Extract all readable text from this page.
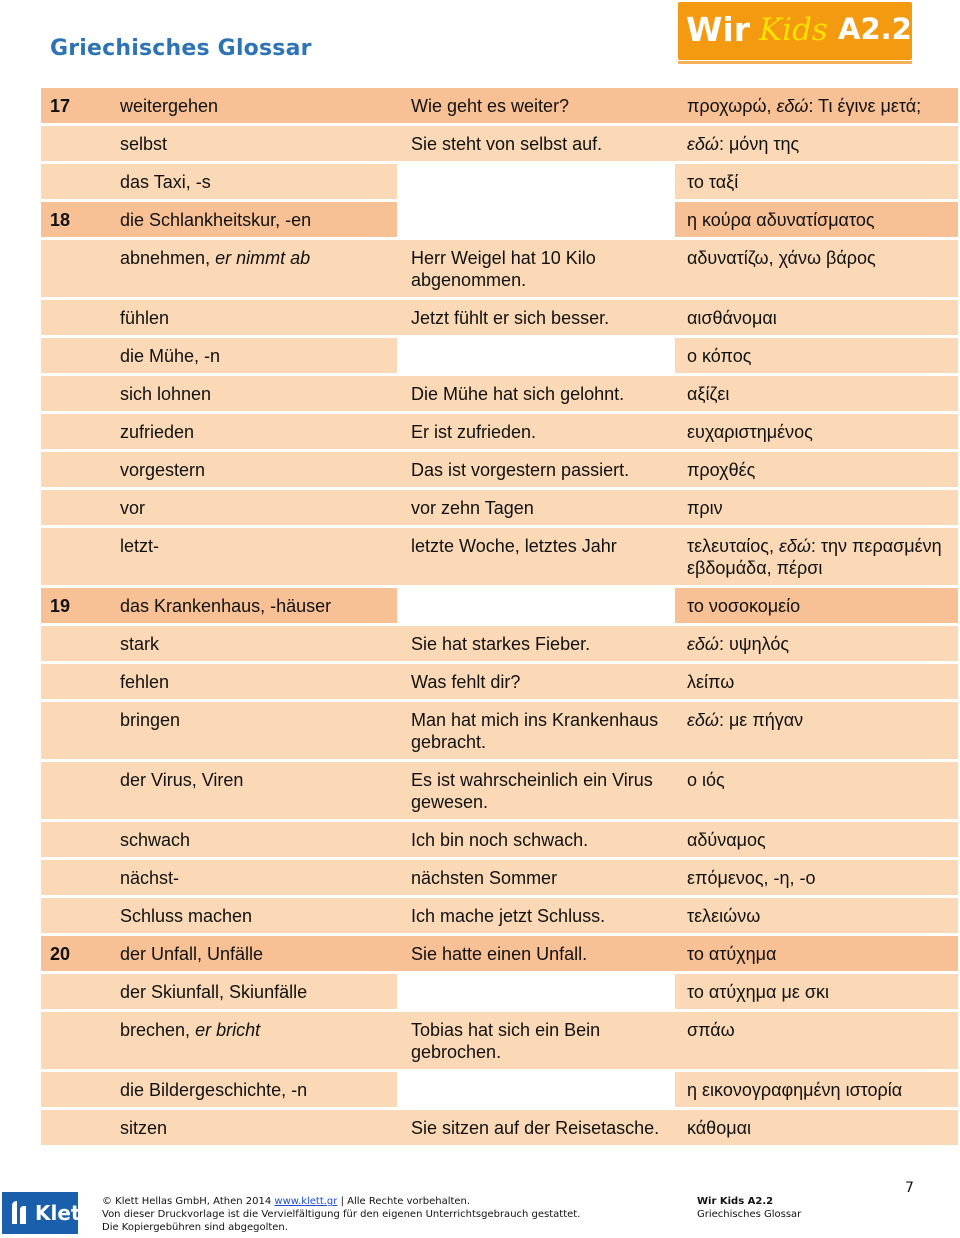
Griechisches Glossar	Wir Kids A2.2
17	weitergehen	Wie geht es weiter?	προχωρώ, εδώ: Τι έγινε μετά;
	selbst	Sie steht von selbst auf.	εδώ: μόνη της
	das Taxi, -s		το ταξί
18	die Schlankheitskur, -en		η κούρα αδυνατίσματος
	abnehmen, er nimmt ab	Herr Weigel hat 10 Kilo abgenommen.	αδυνατίζω, χάνω βάρος
	fühlen	Jetzt fühlt er sich besser.	αισθάνομαι
	die Mühe, -n		ο κόπος
	sich lohnen	Die Mühe hat sich gelohnt.	αξίζει
	zufrieden	Er ist zufrieden.	ευχαριστημένος
	vorgestern	Das ist vorgestern passiert.	προχθές
	vor	vor zehn Tagen	πριν
	letzt-	letzte Woche, letztes Jahr	τελευταίος, εδώ: την περασμένη εβδομάδα, πέρσι
19	das Krankenhaus, -häuser		το νοσοκομείο
	stark	Sie hat starkes Fieber.	εδώ: υψηλός
	fehlen	Was fehlt dir?	λείπω
	bringen	Man hat mich ins Krankenhaus gebracht.	εδώ: με πήγαν
	der Virus, Viren	Es ist wahrscheinlich ein Virus gewesen.	ο ιός
	schwach	Ich bin noch schwach.	αδύναμος
	nächst-	nächsten Sommer	επόμενος, -η, -ο
	Schluss machen	Ich mache jetzt Schluss.	τελειώνω
20	der Unfall, Unfälle	Sie hatte einen Unfall.	το ατύχημα
	der Skiunfall, Skiunfälle		το ατύχημα με σκι
	brechen, er bricht	Tobias hat sich ein Bein gebrochen.	σπάω
	die Bildergeschichte, -n		η εικονογραφημένη ιστορία
	sitzen	Sie sitzen auf der Reisetasche.	κάθομαι
Klett © Klett Hellas GmbH, Athen 2014 www.klett.gr | Alle Rechte vorbehalten.
Von dieser Druckvorlage ist die Vervielfältigung für den eigenen Unterrichtsgebrauch gestattet.
Die Kopiergebühren sind abgegolten.
Wir Kids A2.2
Griechisches Glossar
7
